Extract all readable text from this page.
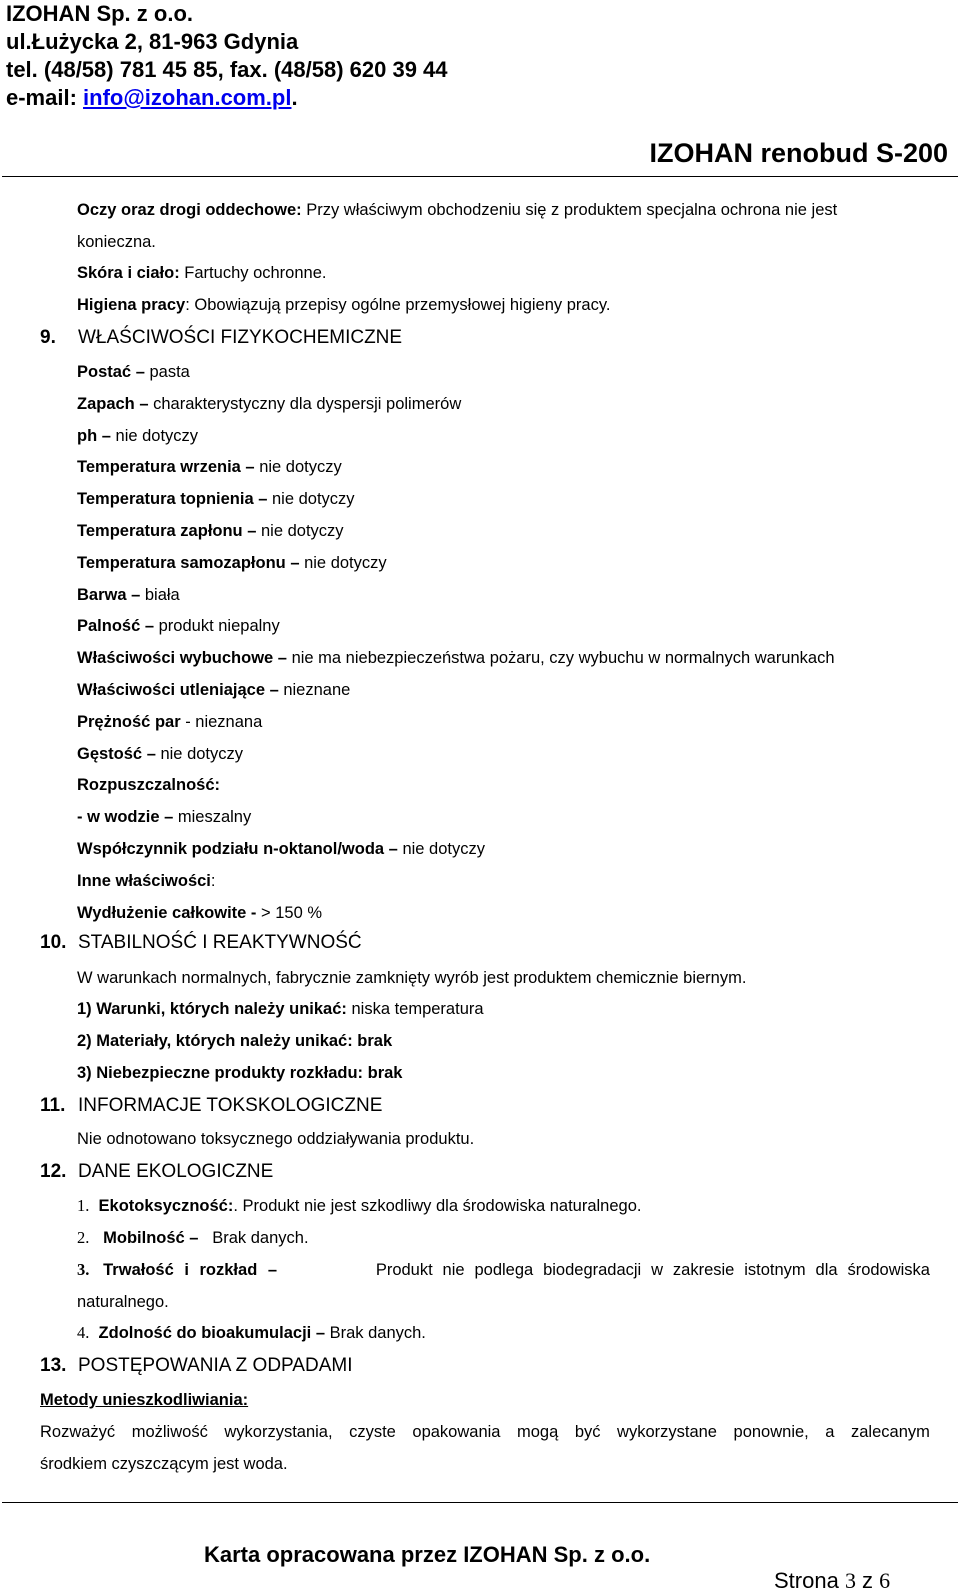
IZOHAN Sp. z o.o.
ul.Łużycka 2, 81-963 Gdynia
tel. (48/58) 781 45 85, fax. (48/58) 620 39 44
e-mail: info@izohan.com.pl.
IZOHAN renobud S-200
Oczy oraz drogi oddechowe: Przy właściwym obchodzeniu się z produktem specjalna ochrona nie jest
konieczna.
Skóra i ciało: Fartuchy ochronne.
Higiena pracy: Obowiązują przepisy ogólne przemysłowej higieny pracy.
9. WŁAŚCIWOŚCI FIZYKOCHEMICZNE
Postać – pasta
Zapach – charakterystyczny dla dyspersji polimerów
ph – nie dotyczy
Temperatura wrzenia – nie dotyczy
Temperatura topnienia – nie dotyczy
Temperatura zapłonu – nie dotyczy
Temperatura samozapłonu – nie dotyczy
Barwa – biała
Palność – produkt niepalny
Właściwości wybuchowe – nie ma niebezpieczeństwa pożaru, czy wybuchu w normalnych warunkach
Właściwości utleniające – nieznane
Prężność par - nieznana
Gęstość – nie dotyczy
Rozpuszczalność:
- w wodzie – mieszalny
Współczynnik podziału n-oktanol/woda – nie dotyczy
Inne właściwości:
Wydłużenie całkowite - > 150 %
10. STABILNOŚĆ I REAKTYWNOŚĆ
W warunkach normalnych, fabrycznie zamknięty wyrób jest produktem chemicznie biernym.
1) Warunki, których należy unikać: niska temperatura
2) Materiały, których należy unikać: brak
3) Niebezpieczne produkty rozkładu: brak
11. INFORMACJE TOKSKOLOGICZNE
Nie odnotowano toksycznego oddziaływania produktu.
12. DANE EKOLOGICZNE
1. Ekotoksyczność:. Produkt nie jest szkodliwy dla środowiska naturalnego.
2. Mobilność –   Brak danych.
3. Trwałość i rozkład –	Produkt nie podlega biodegradacji w zakresie istotnym dla środowiska
naturalnego.
4. Zdolność do bioakumulacji – Brak danych.
13. POSTĘPOWANIA Z ODPADAMI
Metody unieszkodliwiania:
Rozważyć możliwość wykorzystania, czyste opakowania mogą być wykorzystane ponownie, a zalecanym
środkiem czyszczącym jest woda.
Karta opracowana przez IZOHAN Sp. z o.o.
Strona 3 z 6
